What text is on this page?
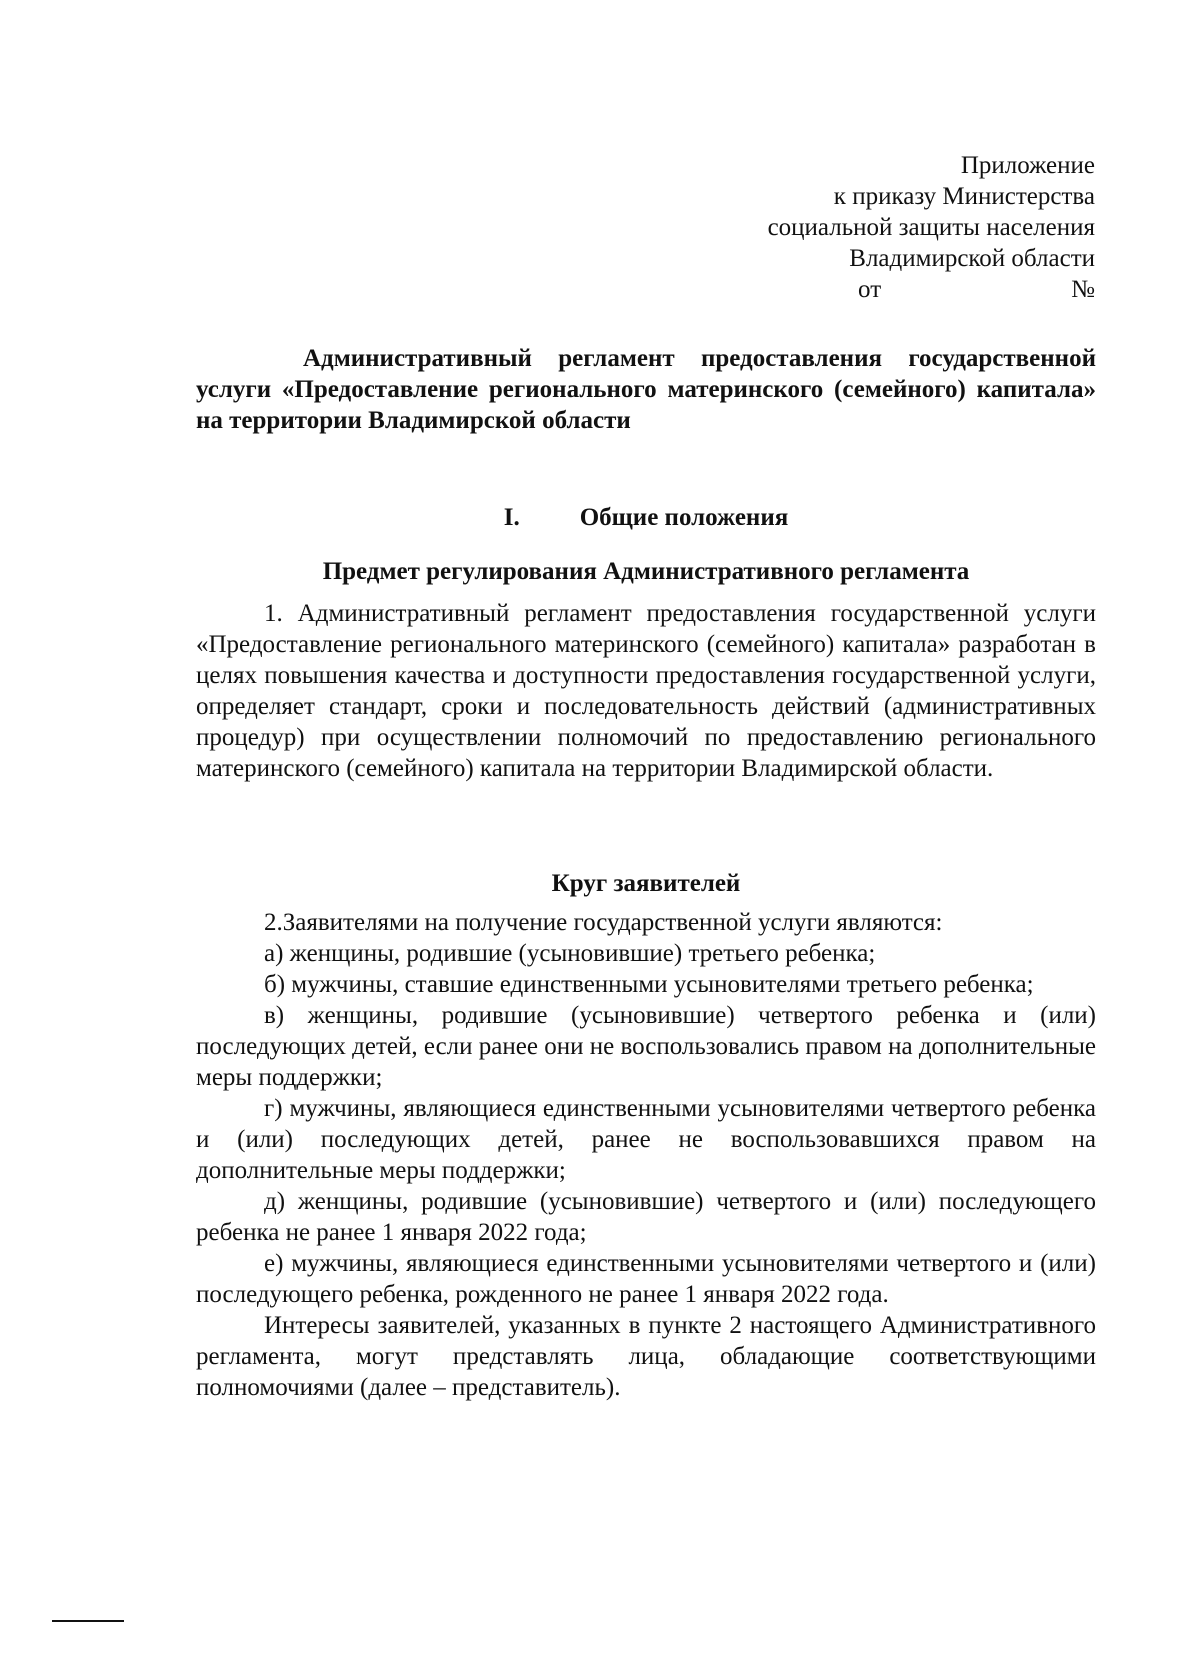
Приложение
к приказу Министерства
социальной защиты населения
Владимирской области
от	№
Административный регламент предоставления государственной услуги «Предоставление регионального материнского (семейного) капитала» на территории Владимирской области
I. Общие положения
Предмет регулирования Административного регламента

1. Административный регламент предоставления государственной услуги «Предоставление регионального материнского (семейного) капитала» разработан в целях повышения качества и доступности предоставления государственной услуги, определяет стандарт, сроки и последовательность действий (административных процедур) при осуществлении полномочий по предоставлению регионального материнского (семейного) капитала на территории Владимирской области.

Круг заявителей

2.Заявителями на получение государственной услуги являются:

а) женщины, родившие (усыновившие) третьего ребенка;

б) мужчины, ставшие единственными усыновителями третьего ребенка;

в) женщины, родившие (усыновившие) четвертого ребенка и (или) последующих детей, если ранее они не воспользовались правом на дополнительные меры поддержки;

г) мужчины, являющиеся единственными усыновителями четвертого ребенка и (или) последующих детей, ранее не воспользовавшихся правом на дополнительные меры поддержки;

д) женщины, родившие (усыновившие) четвертого и (или) последующего ребенка не ранее 1 января 2022 года;

е) мужчины, являющиеся единственными усыновителями четвертого и (или) последующего ребенка, рожденного не ранее 1 января 2022 года.

Интересы заявителей, указанных в пункте 2 настоящего Административного регламента, могут представлять лица, обладающие соответствующими полномочиями (далее – представитель).
